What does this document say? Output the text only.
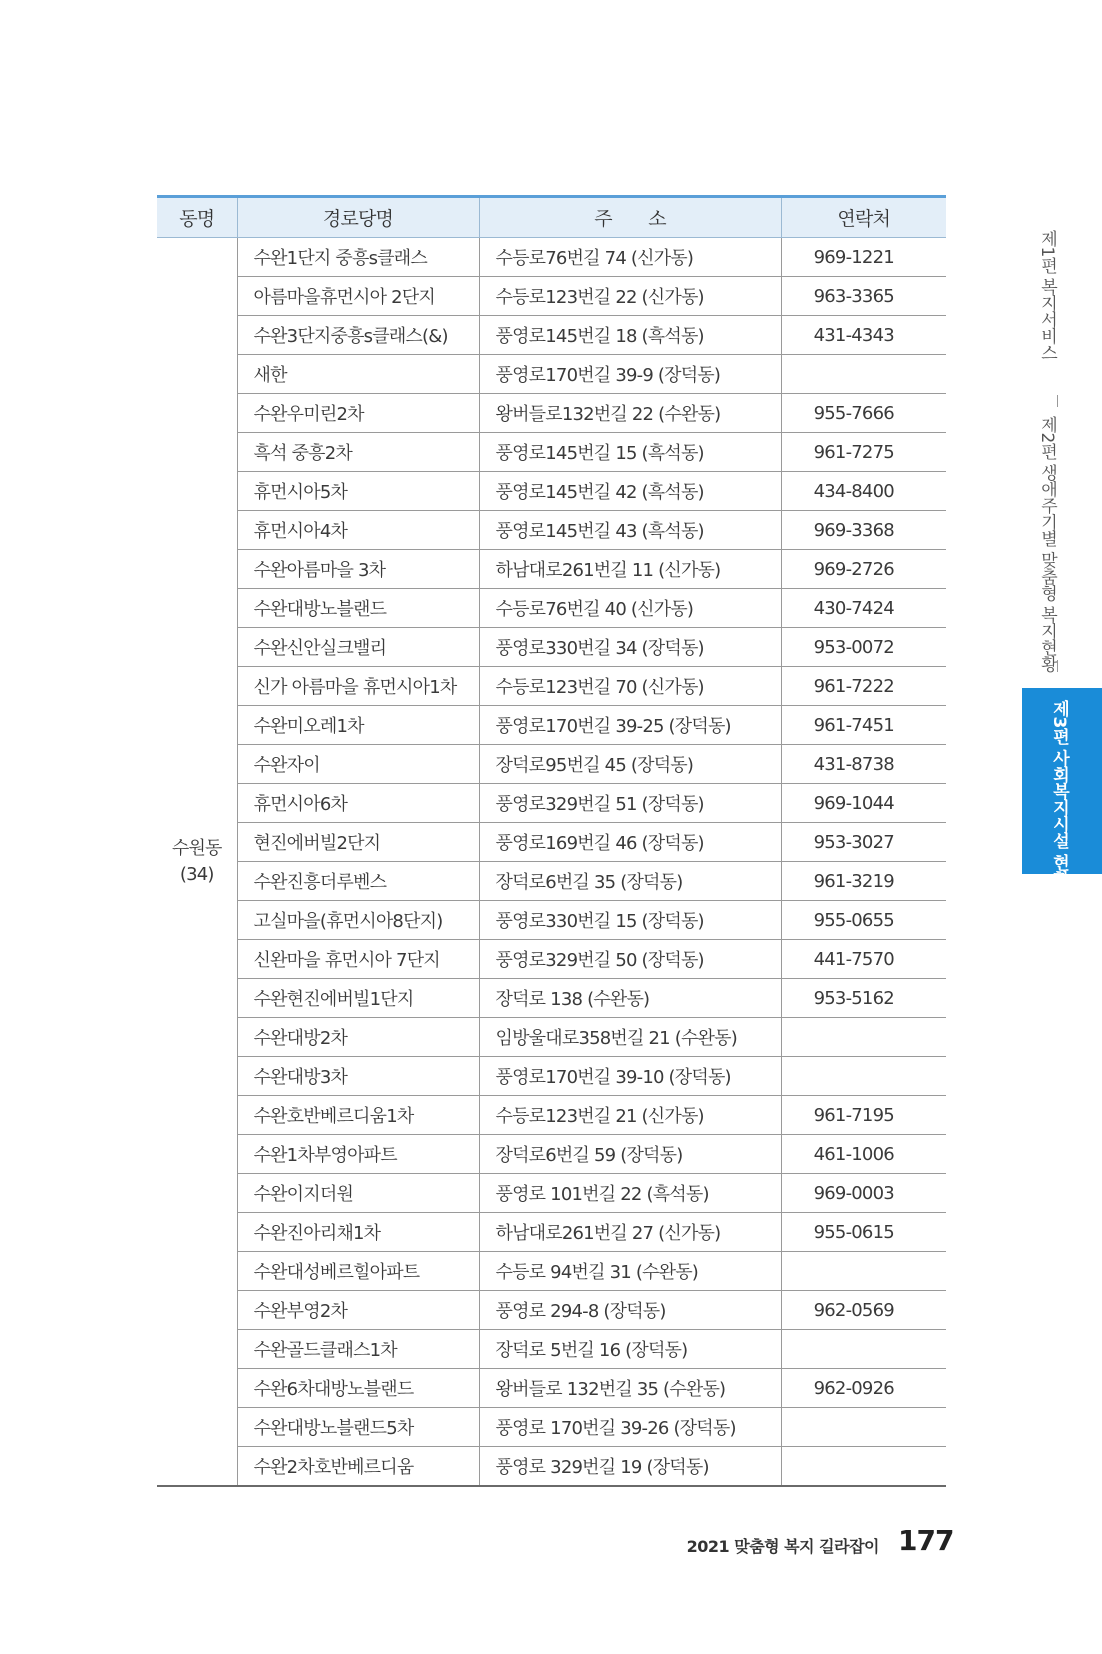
동명	경로당명	주　　소	연락처

수원동
(34)	수완1단지 중흥s클래스	수등로76번길 74 (신가동)	969-1221
	아름마을휴먼시아 2단지	수등로123번길 22 (신가동)	963-3365
	수완3단지중흥s클래스(&)	풍영로145번길 18 (흑석동)	431-4343
	새한	풍영로170번길 39-9 (장덕동)	
	수완우미린2차	왕버들로132번길 22 (수완동)	955-7666
	흑석 중흥2차	풍영로145번길 15 (흑석동)	961-7275
	휴먼시아5차	풍영로145번길 42 (흑석동)	434-8400
	휴먼시아4차	풍영로145번길 43 (흑석동)	969-3368
	수완아름마을 3차	하남대로261번길 11 (신가동)	969-2726
	수완대방노블랜드	수등로76번길 40 (신가동)	430-7424
	수완신안실크밸리	풍영로330번길 34 (장덕동)	953-0072
	신가 아름마을 휴먼시아1차	수등로123번길 70 (신가동)	961-7222
	수완미오레1차	풍영로170번길 39-25 (장덕동)	961-7451
	수완자이	장덕로95번길 45 (장덕동)	431-8738
	휴먼시아6차	풍영로329번길 51 (장덕동)	969-1044
	현진에버빌2단지	풍영로169번길 46 (장덕동)	953-3027
	수완진흥더루벤스	장덕로6번길 35 (장덕동)	961-3219
	고실마을(휴먼시아8단지)	풍영로330번길 15 (장덕동)	955-0655
	신완마을 휴먼시아 7단지	풍영로329번길 50 (장덕동)	441-7570
	수완현진에버빌1단지	장덕로 138 (수완동)	953-5162
	수완대방2차	임방울대로358번길 21 (수완동)	
	수완대방3차	풍영로170번길 39-10 (장덕동)	
	수완호반베르디움1차	수등로123번길 21 (신가동)	961-7195
	수완1차부영아파트	장덕로6번길 59 (장덕동)	461-1006
	수완이지더원	풍영로 101번길 22 (흑석동)	969-0003
	수완진아리채1차	하남대로261번길 27 (신가동)	955-0615
	수완대성베르힐아파트	수등로 94번길 31 (수완동)	
	수완부영2차	풍영로 294-8 (장덕동)	962-0569
	수완골드클래스1차	장덕로 5번길 16 (장덕동)	
	수완6차대방노블랜드	왕버들로 132번길 35 (수완동)	962-0926
	수완대방노블랜드5차	풍영로 170번길 39-26 (장덕동)	
	수완2차호반베르디움	풍영로 329번길 19 (장덕동)	
제1편 복지서비스
제2편 생애주기별 맞춤형 복지현황
제3편 사회복지시설 현황
2021 맞춤형 복지 길라잡이 177
